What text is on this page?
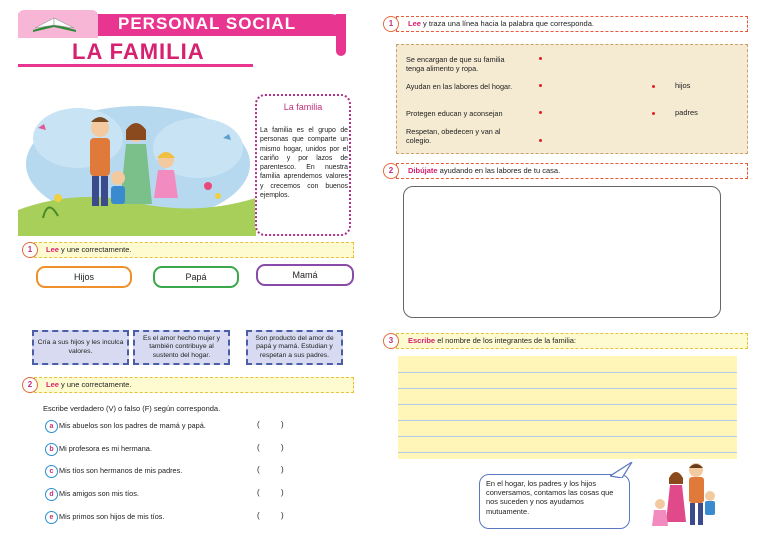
PERSONAL SOCIAL
LA FAMILIA
La familia
La familia es el grupo de personas que comparte un mismo hogar, unidos por el cariño y por lazos de parentesco. En nuestra familia aprendemos valores y crecemos con buenos ejemplos.
1	Lee y une correctamente.
Hijos	Papá	Mamá
Cría a sus hijos y les inculca valores.
Es el amor hecho mujer y también contribuye al sustento del hogar.
Son producto del amor de papá y mamá. Estudian y respetan a sus padres.
2	Lee y une correctamente.
Escribe verdadero (V) o falso (F) según corresponda.
a Mis abuelos son los padres de mamá y papá.	(	)
b Mi profesora es mi hermana.	(	)
c Mis tíos son hermanos de mis padres.	(	)
d Mis amigos son mis tíos.	(	)
e Mis primos son hijos de mis tíos.	(	)
1	Lee y traza una línea hacia la palabra que corresponda.
Se encargan de que su familia tenga alimento y ropa.
Ayudan en las labores del hogar.
Protegen educan y aconsejan
Respetan, obedecen y van al colegio.
hijos
padres
2	Dibújate ayudando en las labores de tu casa.
3	Escribe el nombre de los integrantes de la familia:
En el hogar, los padres y los hijos conversamos, contamos las cosas que nos suceden y nos ayudamos mutuamente.
